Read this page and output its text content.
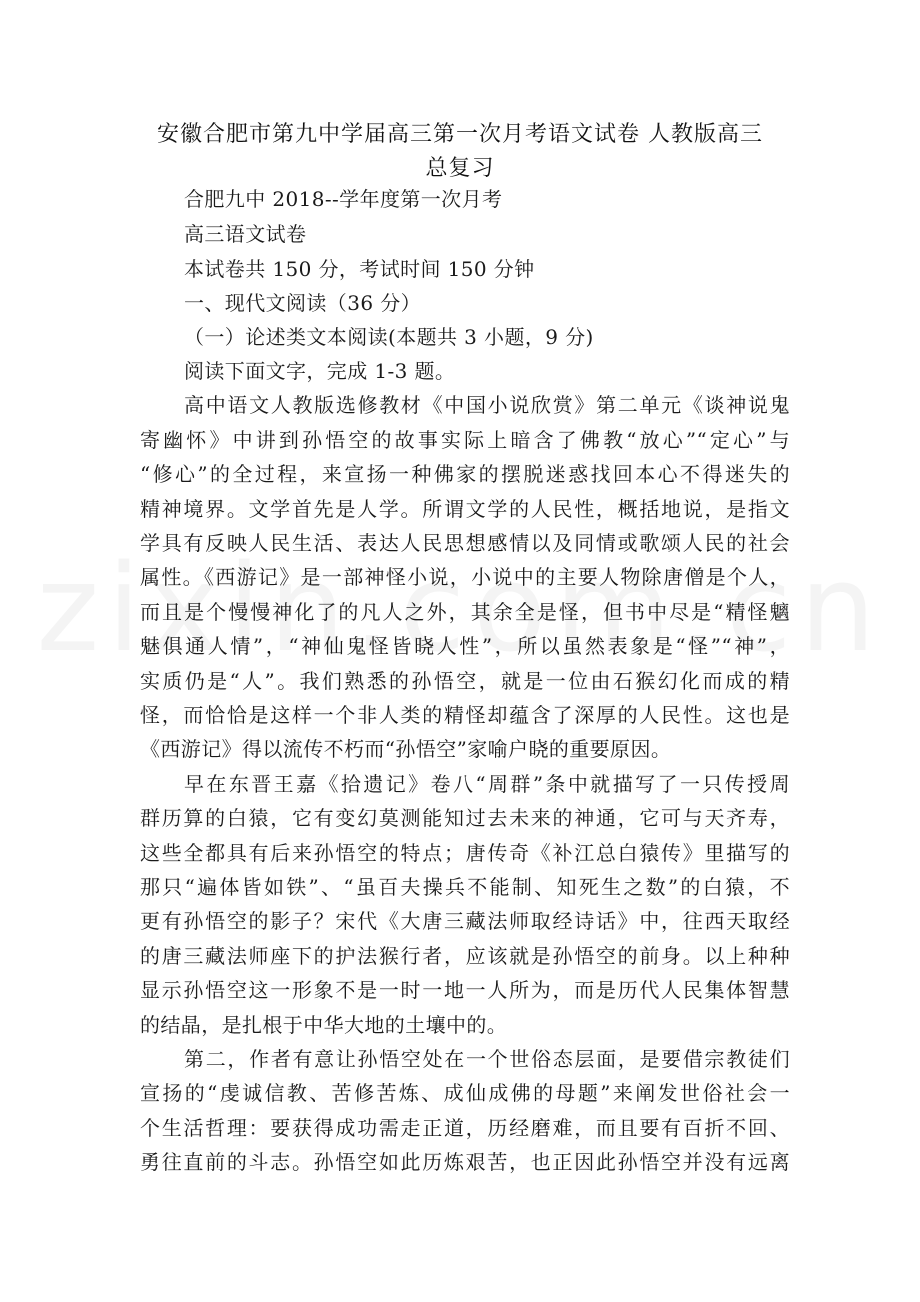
安徽合肥市第九中学届高三第一次月考语文试卷 人教版高三
总复习
合肥九中 2018--学年度第一次月考
高三语文试卷
本试卷共 150 分，考试时间 150 分钟
一、现代文阅读（36 分）
（一）论述类文本阅读(本题共 3 小题，9 分)
阅读下面文字，完成 1-3 题。
高中语文人教版选修教材《中国小说欣赏》第二单元《谈神说鬼
寄幽怀》中讲到孙悟空的故事实际上暗含了佛教“放心”“定心”与
“修心”的全过程，来宣扬一种佛家的摆脱迷惑找回本心不得迷失的
精神境界。文学首先是人学。所谓文学的人民性，概括地说，是指文
学具有反映人民生活、表达人民思想感情以及同情或歌颂人民的社会
属性。《西游记》是一部神怪小说，小说中的主要人物除唐僧是个人，
而且是个慢慢神化了的凡人之外，其余全是怪，但书中尽是“精怪魑
魅俱通人情”，“神仙鬼怪皆晓人性”，所以虽然表象是“怪”“神”，
实质仍是“人”。我们熟悉的孙悟空，就是一位由石猴幻化而成的精
怪，而恰恰是这样一个非人类的精怪却蕴含了深厚的人民性。这也是
《西游记》得以流传不朽而“孙悟空”家喻户晓的重要原因。
早在东晋王嘉《拾遗记》卷八“周群”条中就描写了一只传授周
群历算的白猿，它有变幻莫测能知过去未来的神通，它可与天齐寿，
这些全都具有后来孙悟空的特点；唐传奇《补江总白猿传》里描写的
那只“遍体皆如铁”、“虽百夫操兵不能制、知死生之数”的白猿，不
更有孙悟空的影子？宋代《大唐三藏法师取经诗话》中，往西天取经
的唐三藏法师座下的护法猴行者，应该就是孙悟空的前身。以上种种
显示孙悟空这一形象不是一时一地一人所为，而是历代人民集体智慧
的结晶，是扎根于中华大地的土壤中的。
第二，作者有意让孙悟空处在一个世俗态层面，是要借宗教徒们
宣扬的“虔诚信教、苦修苦炼、成仙成佛的母题”来阐发世俗社会一
个生活哲理：要获得成功需走正道，历经磨难，而且要有百折不回、
勇往直前的斗志。孙悟空如此历炼艰苦，也正因此孙悟空并没有远离
